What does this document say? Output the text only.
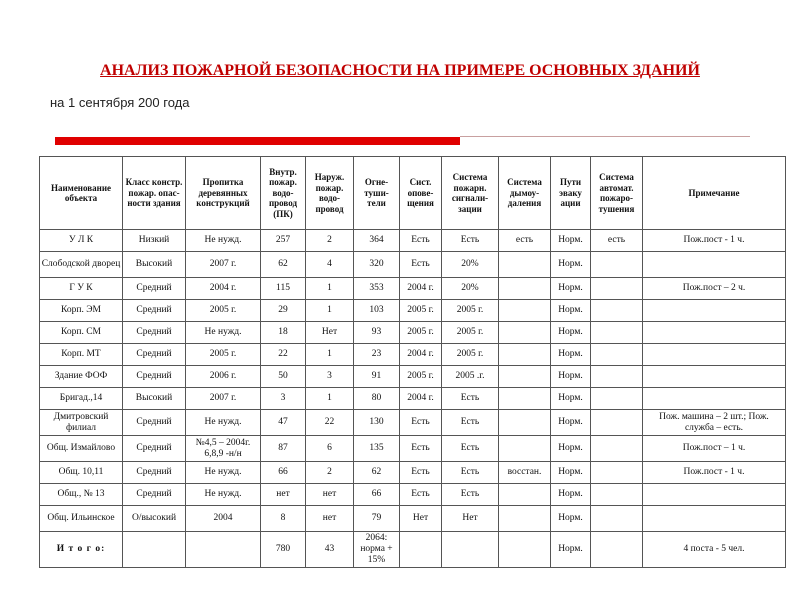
АНАЛИЗ ПОЖАРНОЙ БЕЗОПАСНОСТИ НА ПРИМЕРЕ ОСНОВНЫХ ЗДАНИЙ
на 1 сентября 200 года
Наименование объекта	Класс констр. пожар. опас-ности здания	Пропитка деревянных конструкций	Внутр. пожар. водо-провод (ПК)	Наруж. пожар. водо-провод	Огне-туши-тели	Сист. опове-щения	Система пожарн. сигнали-зации	Система дымоу-даления	Пути эваку ации	Система автомат. пожаро-тушения	Примечание
У Л К	Низкий	Не нужд.	257	2	364	Есть	Есть	есть	Норм.	есть	Пож.пост - 1 ч.
Слободской дворец	Высокий	2007 г.	62	4	320	Есть	20%		Норм.		
Г У К	Средний	2004 г.	115	1	353	2004 г.	20%		Норм.		Пож.пост – 2 ч.
Корп. ЭМ	Средний	2005 г.	29	1	103	2005 г.	2005 г.		Норм.		
Корп. СМ	Средний	Не нужд.	18	Нет	93	2005 г.	2005 г.		Норм.		
Корп. МТ	Средний	2005 г.	22	1	23	2004 г.	2005 г.		Норм.		
Здание ФОФ	Средний	2006 г.	50	3	91	2005 г.	2005 .г.		Норм.		
Бригад.,14	Высокий	2007 г.	3	1	80	2004 г.	Есть		Норм.		
Дмитровский филиал	Средний	Не нужд.	47	22	130	Есть	Есть		Норм.		Пож. машина – 2 шт.; Пож. служба – есть.
Общ. Измайлово	Средний	№4,5 – 2004г. 6,8,9 -н/н	87	6	135	Есть	Есть		Норм.		Пож.пост – 1 ч.
Общ. 10,11	Средний	Не нужд.	66	2	62	Есть	Есть	восстан.	Норм.		Пож.пост - 1 ч.
Общ., № 13	Средний	Не нужд.	нет	нет	66	Есть	Есть		Норм.		
Общ. Ильинское	О/высокий	2004	8	нет	79	Нет	Нет		Норм.		
И т о г о:			780	43	2064: норма + 15%				Норм.		4 поста - 5 чел.
